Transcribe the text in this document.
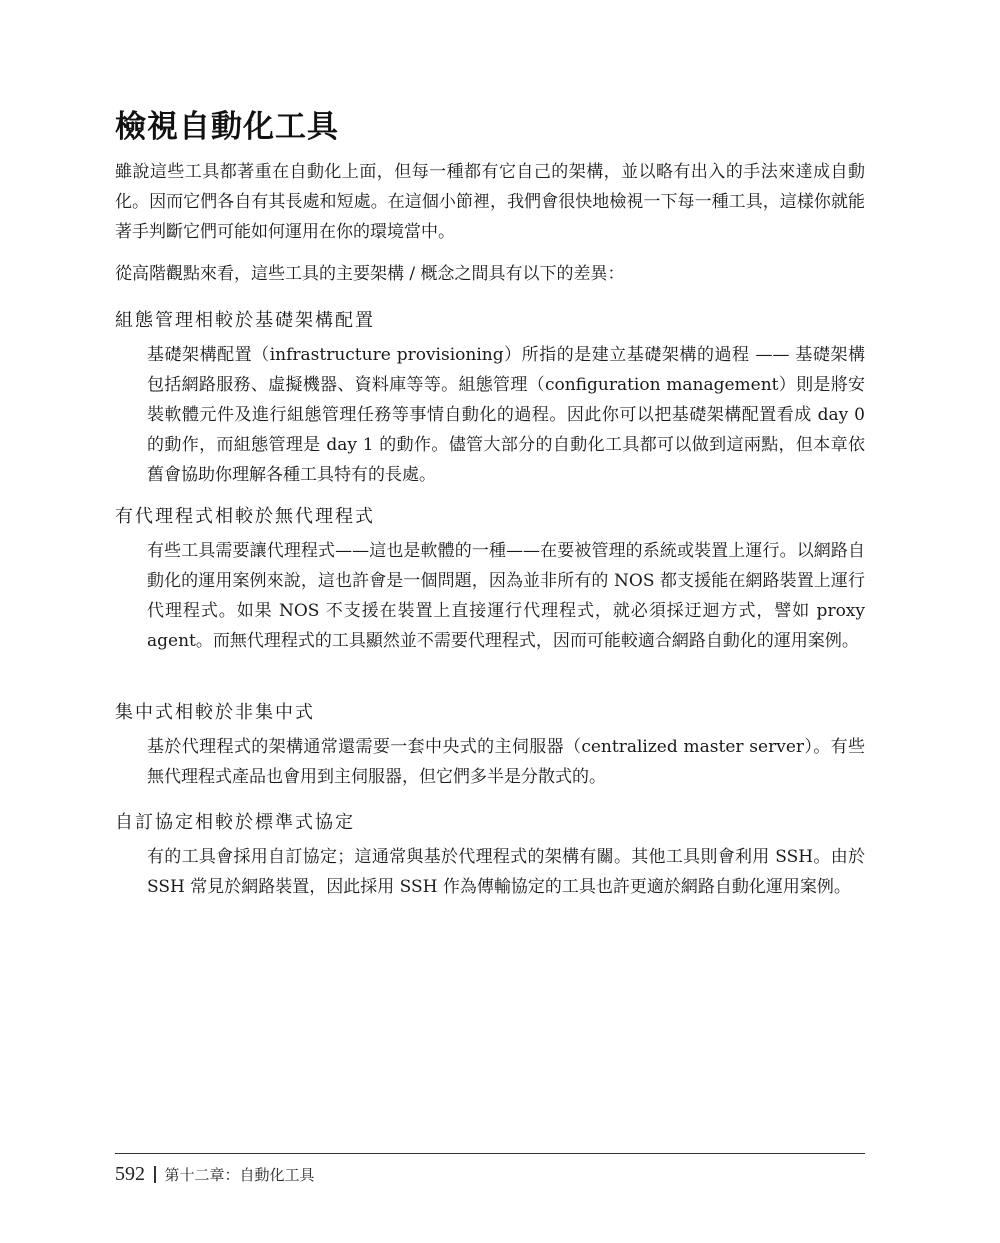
檢視自動化工具

雖說這些工具都著重在自動化上面，但每一種都有它自己的架構，並以略有出入的手法來達成自動化。因而它們各自有其長處和短處。在這個小節裡，我們會很快地檢視一下每一種工具，這樣你就能著手判斷它們可能如何運用在你的環境當中。

從高階觀點來看，這些工具的主要架構 / 概念之間具有以下的差異：

組態管理相較於基礎架構配置

基礎架構配置（infrastructure provisioning）所指的是建立基礎架構的過程 —— 基礎架構包括網路服務、虛擬機器、資料庫等等。組態管理（configuration management）則是將安裝軟體元件及進行組態管理任務等事情自動化的過程。因此你可以把基礎架構配置看成 day 0 的動作，而組態管理是 day 1 的動作。儘管大部分的自動化工具都可以做到這兩點，但本章依舊會協助你理解各種工具特有的長處。

有代理程式相較於無代理程式

有些工具需要讓代理程式——這也是軟體的一種——在要被管理的系統或裝置上運行。以網路自動化的運用案例來說，這也許會是一個問題，因為並非所有的 NOS 都支援能在網路裝置上運行代理程式。如果 NOS 不支援在裝置上直接運行代理程式，就必須採迂迴方式，譬如 proxy agent。而無代理程式的工具顯然並不需要代理程式，因而可能較適合網路自動化的運用案例。

集中式相較於非集中式

基於代理程式的架構通常還需要一套中央式的主伺服器（centralized master server）。有些無代理程式產品也會用到主伺服器，但它們多半是分散式的。

自訂協定相較於標準式協定

有的工具會採用自訂協定；這通常與基於代理程式的架構有關。其他工具則會利用 SSH。由於 SSH 常見於網路裝置，因此採用 SSH 作為傳輸協定的工具也許更適於網路自動化運用案例。

592 第十二章：自動化工具
